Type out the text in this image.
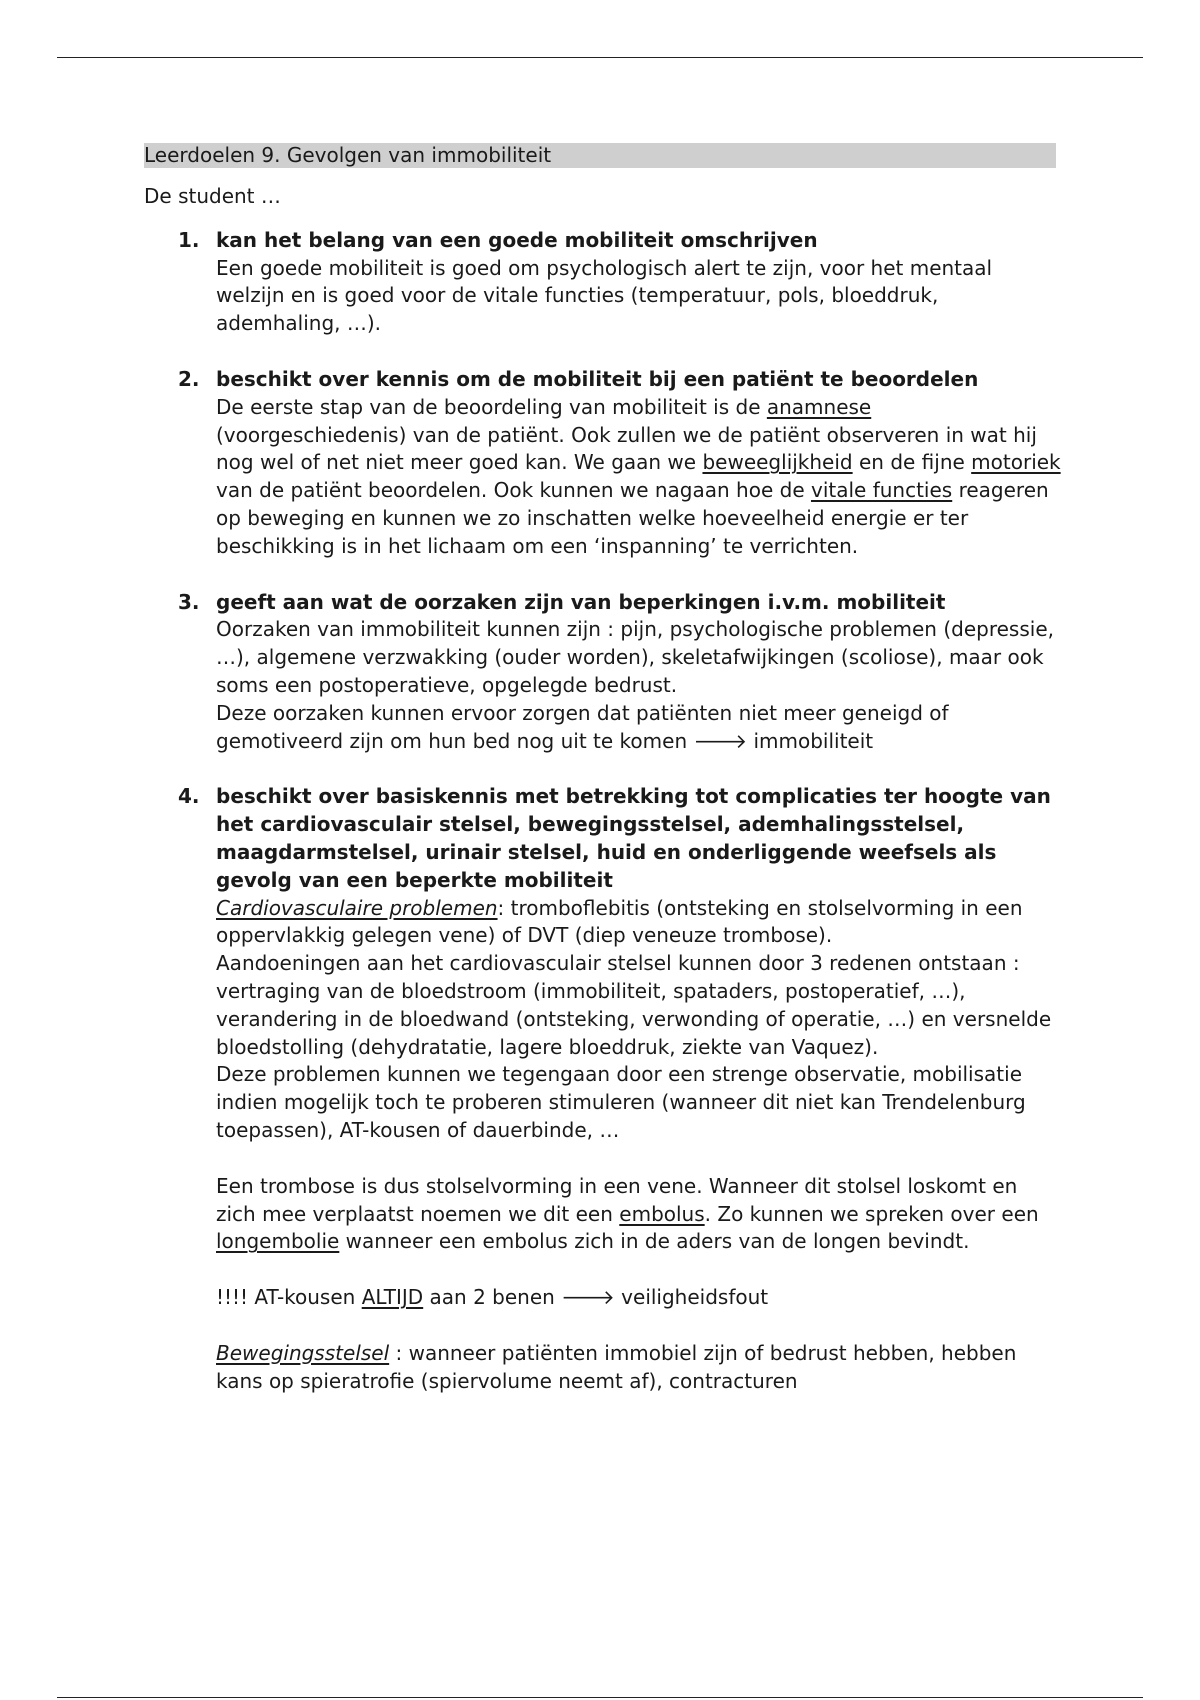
Leerdoelen 9. Gevolgen van immobiliteit

De student …

1. kan het belang van een goede mobiliteit omschrijven

Een goede mobiliteit is goed om psychologisch alert te zijn, voor het mentaal welzijn en is goed voor de vitale functies (temperatuur, pols, bloeddruk, ademhaling, …).

2. beschikt over kennis om de mobiliteit bij een patiënt te beoordelen

De eerste stap van de beoordeling van mobiliteit is de anamnese (voorgeschiedenis) van de patiënt. Ook zullen we de patiënt observeren in wat hij nog wel of net niet meer goed kan. We gaan we beweeglijkheid en de fijne motoriek van de patiënt beoordelen. Ook kunnen we nagaan hoe de vitale functies reageren op beweging en kunnen we zo inschatten welke hoeveelheid energie er ter beschikking is in het lichaam om een ‘inspanning’ te verrichten.

3. geeft aan wat de oorzaken zijn van beperkingen i.v.m. mobiliteit

Oorzaken van immobiliteit kunnen zijn : pijn, psychologische problemen (depressie, …), algemene verzwakking (ouder worden), skeletafwijkingen (scoliose), maar ook soms een postoperatieve, opgelegde bedrust.

Deze oorzaken kunnen ervoor zorgen dat patiënten niet meer geneigd of gemotiveerd zijn om hun bed nog uit te komen 🡒 immobiliteit

4. beschikt over basiskennis met betrekking tot complicaties ter hoogte van het cardiovasculair stelsel, bewegingsstelsel, ademhalingsstelsel, maagdarmstelsel, urinair stelsel, huid en onderliggende weefsels als gevolg van een beperkte mobiliteit

Cardiovasculaire problemen: tromboflebitis (ontsteking en stolselvorming in een oppervlakkig gelegen vene) of DVT (diep veneuze trombose).

Aandoeningen aan het cardiovasculair stelsel kunnen door 3 redenen ontstaan : vertraging van de bloedstroom (immobiliteit, spataders, postoperatief, …), verandering in de bloedwand (ontsteking, verwonding of operatie, …) en versnelde bloedstolling (dehydratatie, lagere bloeddruk, ziekte van Vaquez).

Deze problemen kunnen we tegengaan door een strenge observatie, mobilisatie indien mogelijk toch te proberen stimuleren (wanneer dit niet kan Trendelenburg toepassen), AT-kousen of dauerbinde, …

Een trombose is dus stolselvorming in een vene. Wanneer dit stolsel loskomt en zich mee verplaatst noemen we dit een embolus. Zo kunnen we spreken over een longembolie wanneer een embolus zich in de aders van de longen bevindt.

!!!! AT-kousen ALTIJD aan 2 benen 🡒 veiligheidsfout

Bewegingsstelsel : wanneer patiënten immobiel zijn of bedrust hebben, hebben kans op spieratrofie (spiervolume neemt af), contracturen
